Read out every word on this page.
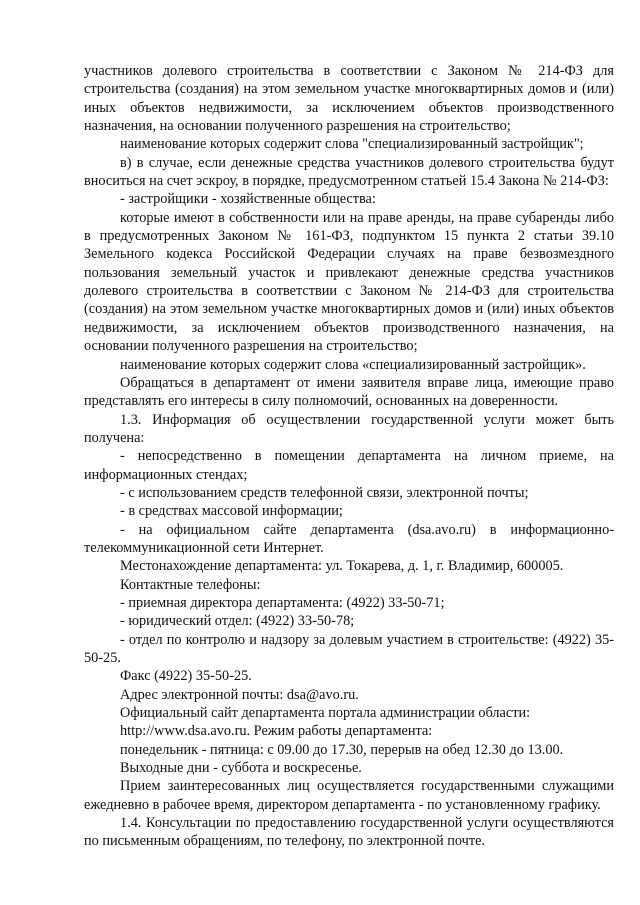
участников долевого строительства в соответствии с Законом № 214-ФЗ для строительства (создания) на этом земельном участке многоквартирных домов и (или) иных объектов недвижимости, за исключением объектов производственного назначения, на основании полученного разрешения на строительство;

наименование которых содержит слова "специализированный застройщик";

в) в случае, если денежные средства участников долевого строительства будут вноситься на счет эскроу, в порядке, предусмотренном статьей 15.4 Закона № 214-ФЗ:

- застройщики - хозяйственные общества:

которые имеют в собственности или на праве аренды, на праве субаренды либо в предусмотренных Законом № 161-ФЗ, подпунктом 15 пункта 2 статьи 39.10 Земельного кодекса Российской Федерации случаях на праве безвозмездного пользования земельный участок и привлекают денежные средства участников долевого строительства в соответствии с Законом № 214-ФЗ для строительства (создания) на этом земельном участке многоквартирных домов и (или) иных объектов недвижимости, за исключением объектов производственного назначения, на основании полученного разрешения на строительство;

наименование которых содержит слова «специализированный застройщик».

Обращаться в департамент от имени заявителя вправе лица, имеющие право представлять его интересы в силу полномочий, основанных на доверенности.

1.3. Информация об осуществлении государственной услуги может быть получена:

- непосредственно в помещении департамента на личном приеме, на информационных стендах;

- с использованием средств телефонной связи, электронной почты;

- в средствах массовой информации;

- на официальном сайте департамента (dsa.avo.ru) в информационно-телекоммуникационной сети Интернет.

Местонахождение департамента: ул. Токарева, д. 1, г. Владимир, 600005.

Контактные телефоны:

- приемная директора департамента: (4922) 33-50-71;

- юридический отдел: (4922) 33-50-78;

- отдел по контролю и надзору за долевым участием в строительстве: (4922) 35-50-25.

Факс (4922) 35-50-25.

Адрес электронной почты: dsa@avo.ru.

Официальный сайт департамента портала администрации области:

http://www.dsa.avo.ru. Режим работы департамента:

понедельник - пятница: с 09.00 до 17.30, перерыв на обед 12.30 до 13.00.

Выходные дни - суббота и воскресенье.

Прием заинтересованных лиц осуществляется государственными служащими ежедневно в рабочее время, директором департамента - по установленному графику.

1.4. Консультации по предоставлению государственной услуги осуществляются по письменным обращениям, по телефону, по электронной почте.
